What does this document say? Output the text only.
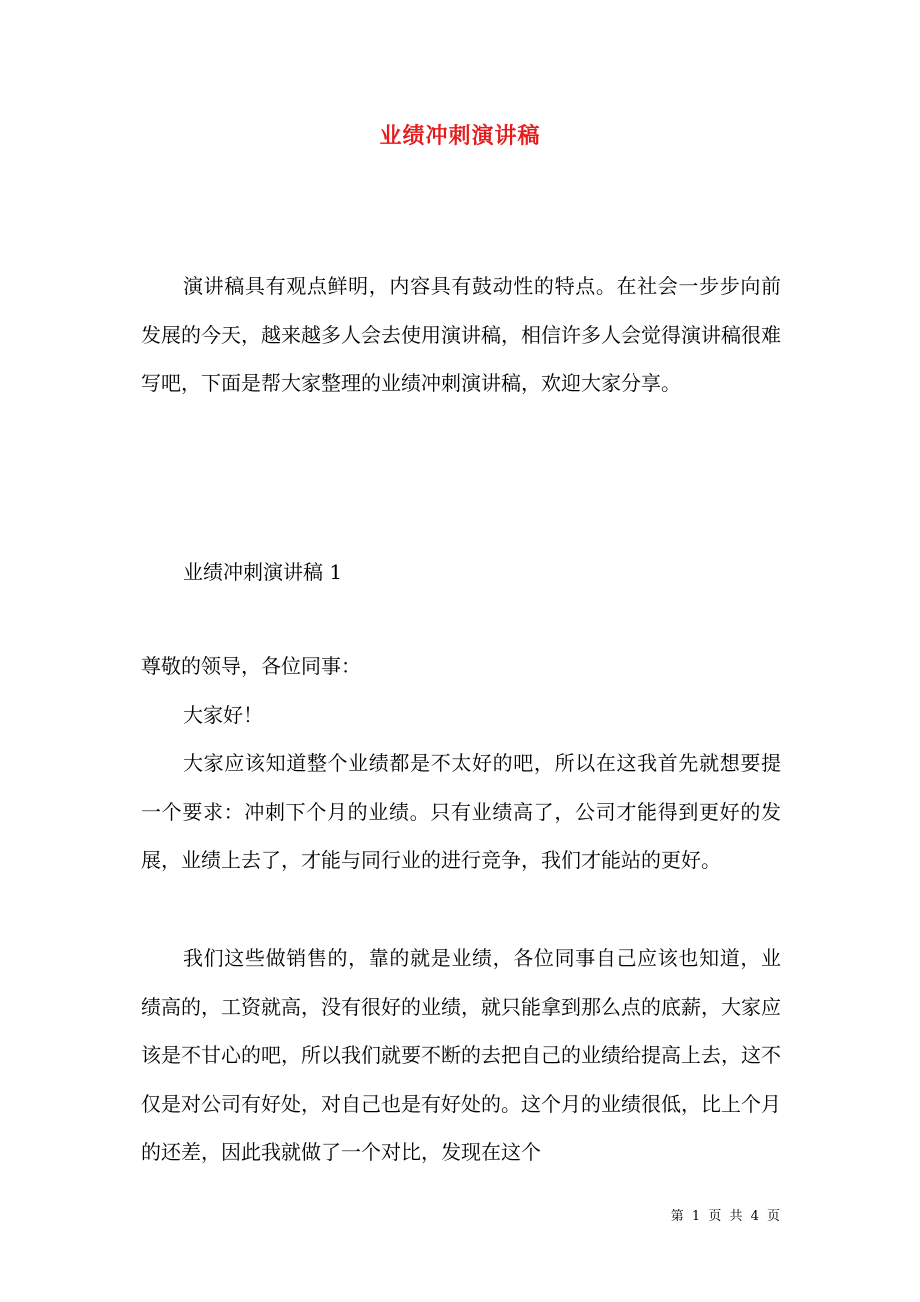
业绩冲刺演讲稿

演讲稿具有观点鲜明，内容具有鼓动性的特点。在社会一步步向前发展的今天，越来越多人会去使用演讲稿，相信许多人会觉得演讲稿很难写吧，下面是帮大家整理的业绩冲刺演讲稿，欢迎大家分享。

业绩冲刺演讲稿 1

尊敬的领导，各位同事：

大家好！

大家应该知道整个业绩都是不太好的吧，所以在这我首先就想要提一个要求：冲刺下个月的业绩。只有业绩高了，公司才能得到更好的发展，业绩上去了，才能与同行业的进行竞争，我们才能站的更好。

我们这些做销售的，靠的就是业绩，各位同事自己应该也知道，业绩高的，工资就高，没有很好的业绩，就只能拿到那么点的底薪，大家应该是不甘心的吧，所以我们就要不断的去把自己的业绩给提高上去，这不仅是对公司有好处，对自己也是有好处的。这个月的业绩很低，比上个月的还差，因此我就做了一个对比，发现在这个

第 1 页 共 4 页
